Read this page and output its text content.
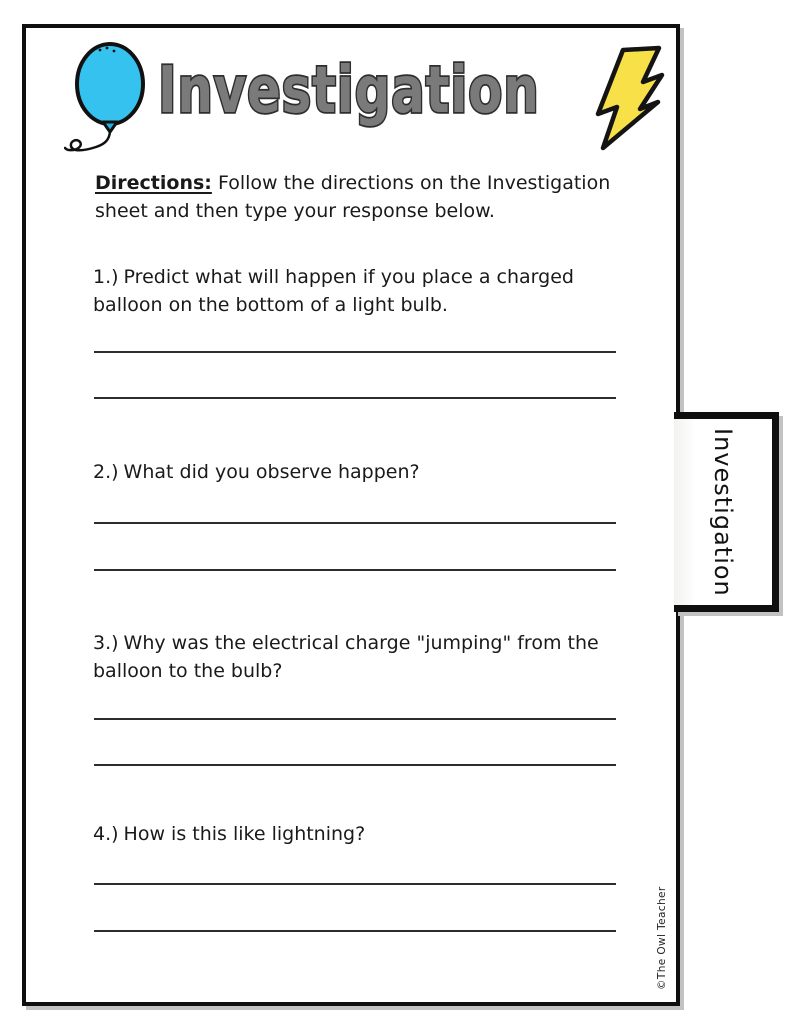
Investigation
Directions: Follow the directions on the Investigation sheet and then type your response below.
1.) Predict what will happen if you place a charged balloon on the bottom of a light bulb.
2.) What did you observe happen?
3.) Why was the electrical charge "jumping" from the balloon to the bulb?
4.) How is this like lightning?
Investigation
©The Owl Teacher
